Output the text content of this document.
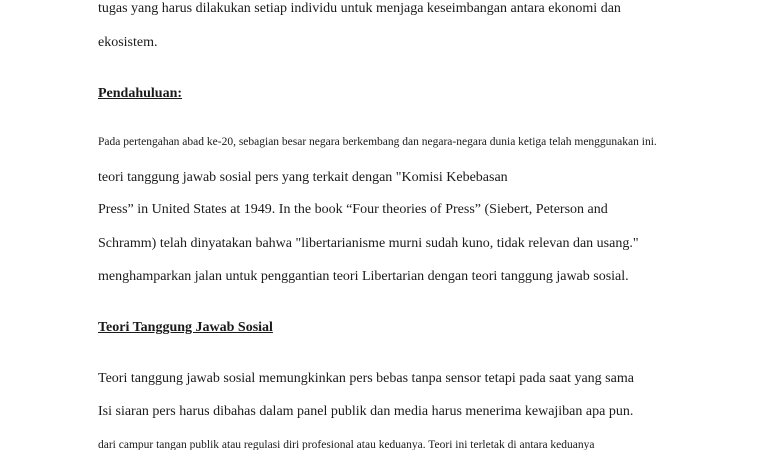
tugas yang harus dilakukan setiap individu untuk menjaga keseimbangan antara ekonomi dan
ekosistem.
Pendahuluan:
Pada pertengahan abad ke-20, sebagian besar negara berkembang dan negara-negara dunia ketiga telah menggunakan ini.
teori tanggung jawab sosial pers yang terkait dengan "Komisi Kebebasan
Press” in United States at 1949. In the book “Four theories of Press” (Siebert, Peterson and
Schramm) telah dinyatakan bahwa "libertarianisme murni sudah kuno, tidak relevan dan usang."
menghamparkan jalan untuk penggantian teori Libertarian dengan teori tanggung jawab sosial.
Teori Tanggung Jawab Sosial
Teori tanggung jawab sosial memungkinkan pers bebas tanpa sensor tetapi pada saat yang sama
Isi siaran pers harus dibahas dalam panel publik dan media harus menerima kewajiban apa pun.
dari campur tangan publik atau regulasi diri profesional atau keduanya. Teori ini terletak di antara keduanya
